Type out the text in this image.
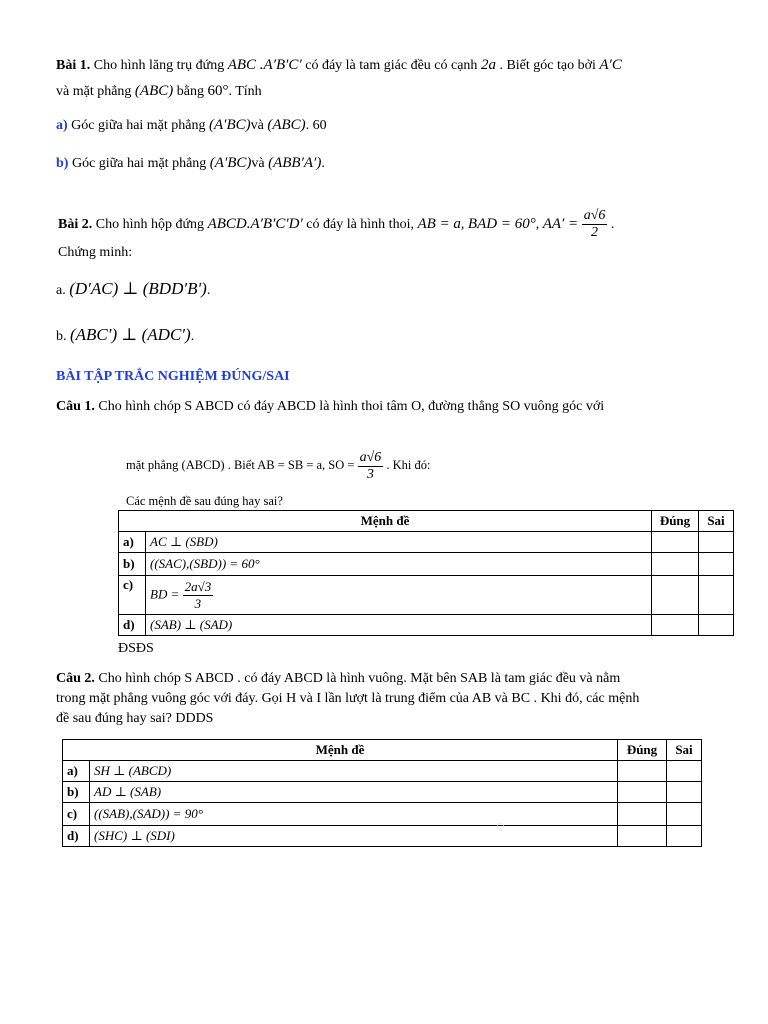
Bài 1. Cho hình lăng trụ đứng ABC .A′B′C′ có đáy là tam giác đều có cạnh 2a . Biết góc tạo bởi A′C
và mặt phẳng (ABC) bằng 60°. Tính
a) Góc giữa hai mặt phẳng (A′BC)và (ABC). 60
b) Góc giữa hai mặt phẳng (A′BC)và (ABB′A′).
Bài 2. Cho hình hộp đứng ABCD.A′B′C′D′ có đáy là hình thoi, AB = a, BAD = 60°, $AA' = \frac{a√6}{2}$ .
Chứng minh:
a. (D′AC) ⊥ (BDD′B′).
b. (ABC′) ⊥ (ADC′).
BÀI TẬP TRẮC NGHIỆM ĐÚNG/SAI
Câu 1. Cho hình chóp S ABCD có đáy ABCD là hình thoi tâm O, đường thẳng SO vuông góc với
mặt phẳng (ABCD) . Biết AB = SB = a, SO = $\frac{a√6}{3}$ . Khi đó:
Các mệnh đề sau đúng hay sai?
Mệnh đề		Đúng	Sai
a)	AC ⊥ (SBD)		
b)	((SAC),(SBD)) = 60°		
c)	BD = $\frac{2a√3}{3}$

d)	(SAB) ⊥ (SAD)		
ĐSĐS
Câu 2. Cho hình chóp S ABCD . có đáy ABCD là hình vuông. Mặt bên SAB là tam giác đều và nằm
trong mặt phẳng vuông góc với đáy. Gọi H và I lần lượt là trung điểm của AB và BC . Khi đó, các mệnh
đề sau đúng hay sai? DDDS
Mệnh đề		Đúng	Sai
a)	SH ⊥ (ABCD)		
b)	AD ⊥ (SAB)		
c)	((SAB),(SAD)) = 90°		
d)	(SHC) ⊥ (SDI)			○
